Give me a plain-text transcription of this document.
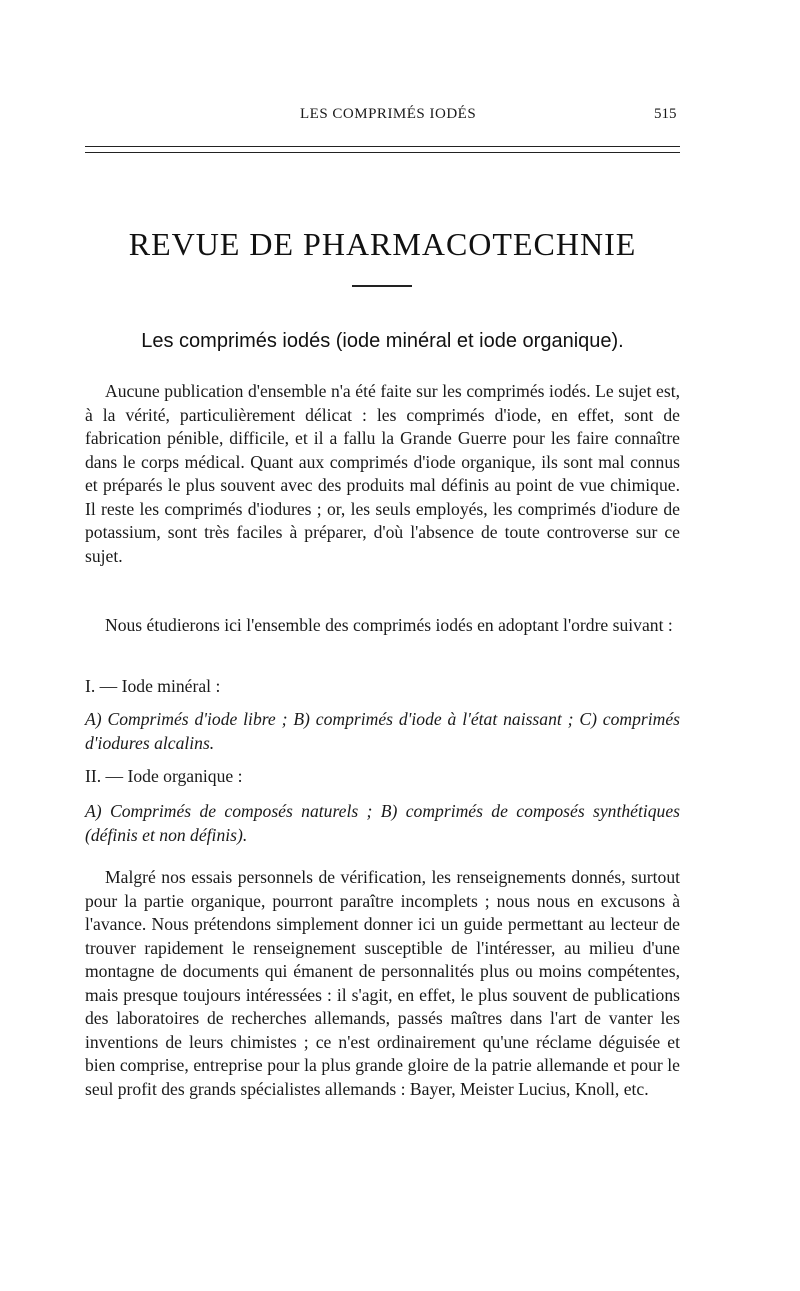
LES COMPRIMÉS IODÉS	515
REVUE DE PHARMACOTECHNIE
Les comprimés iodés (iode minéral et iode organique).
Aucune publication d'ensemble n'a été faite sur les comprimés iodés. Le sujet est, à la vérité, particulièrement délicat : les comprimés d'iode, en effet, sont de fabrication pénible, difficile, et il a fallu la Grande Guerre pour les faire connaître dans le corps médical. Quant aux comprimés d'iode organique, ils sont mal connus et préparés le plus souvent avec des produits mal définis au point de vue chimique. Il reste les comprimés d'iodures ; or, les seuls employés, les comprimés d'iodure de potassium, sont très faciles à préparer, d'où l'absence de toute controverse sur ce sujet.
Nous étudierons ici l'ensemble des comprimés iodés en adoptant l'ordre suivant :
I. — Iode minéral :
A) Comprimés d'iode libre ; B) comprimés d'iode à l'état naissant ; C) comprimés d'iodures alcalins.
II. — Iode organique :
A) Comprimés de composés naturels ; B) comprimés de composés synthétiques (définis et non définis).
Malgré nos essais personnels de vérification, les renseignements donnés, surtout pour la partie organique, pourront paraître incomplets ; nous nous en excusons à l'avance. Nous prétendons simplement donner ici un guide permettant au lecteur de trouver rapidement le renseignement susceptible de l'intéresser, au milieu d'une montagne de documents qui émanent de personnalités plus ou moins compétentes, mais presque toujours intéressées : il s'agit, en effet, le plus souvent de publications des laboratoires de recherches allemands, passés maîtres dans l'art de vanter les inventions de leurs chimistes ; ce n'est ordinairement qu'une réclame déguisée et bien comprise, entreprise pour la plus grande gloire de la patrie allemande et pour le seul profit des grands spécialistes allemands : Bayer, Meister Lucius, Knoll, etc.
